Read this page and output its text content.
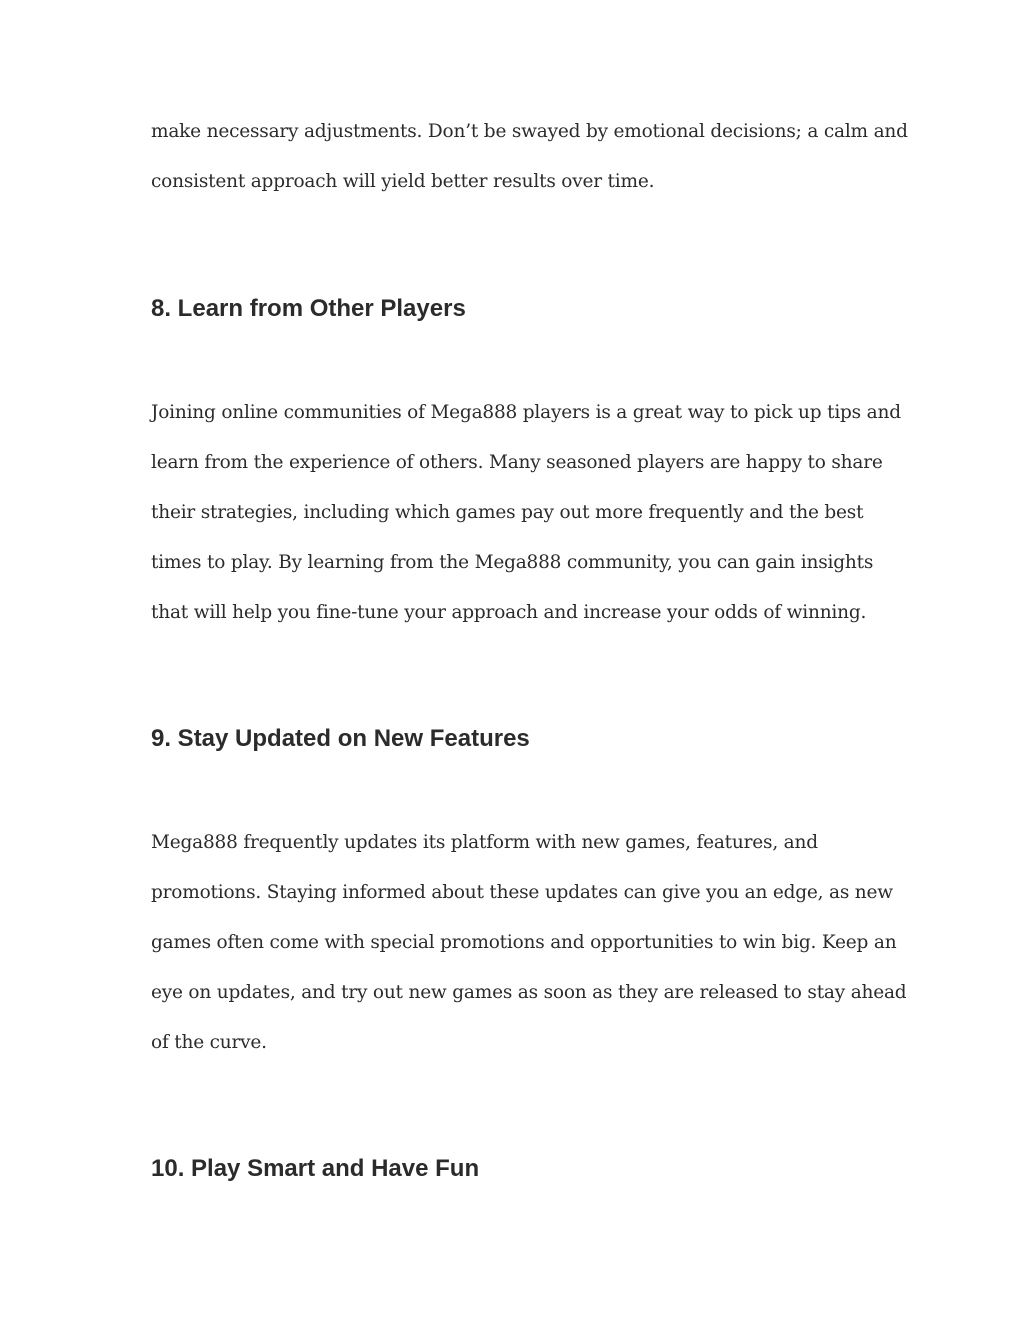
make necessary adjustments. Don’t be swayed by emotional decisions; a calm and
consistent approach will yield better results over time.

8. Learn from Other Players

Joining online communities of Mega888 players is a great way to pick up tips and
learn from the experience of others. Many seasoned players are happy to share
their strategies, including which games pay out more frequently and the best
times to play. By learning from the Mega888 community, you can gain insights
that will help you fine-tune your approach and increase your odds of winning.

9. Stay Updated on New Features

Mega888 frequently updates its platform with new games, features, and
promotions. Staying informed about these updates can give you an edge, as new
games often come with special promotions and opportunities to win big. Keep an
eye on updates, and try out new games as soon as they are released to stay ahead
of the curve.

10. Play Smart and Have Fun
